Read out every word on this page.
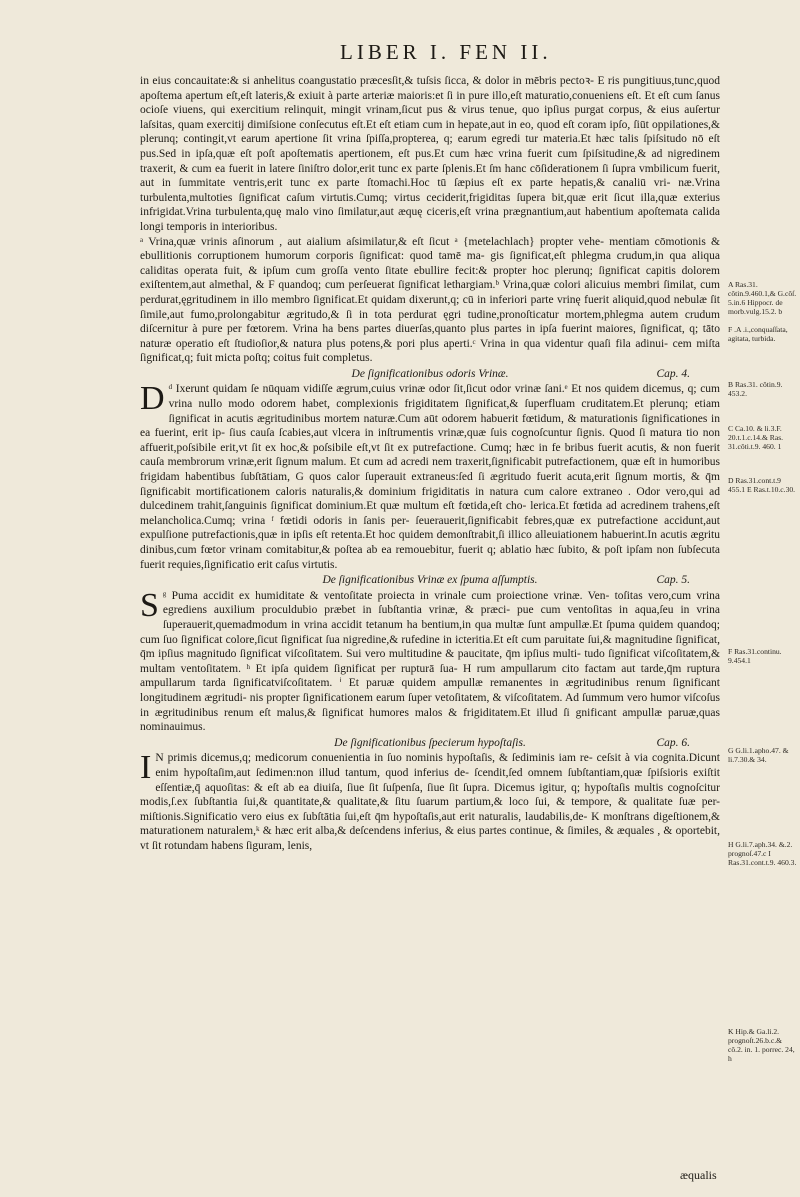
LIBER I. FEN II.

in eius concauitate:& si anhelitus coangustatio præcesſit,& tuſsis ſicca, & dolor in mēbris pectoꝛ- E ris pungitiuus,tunc,quod apoſtema apertum eſt,eſt lateris,& exiuit à parte arteriæ maioris:et ſi in pure illo,eſt maturatio,conueniens eſt. Et eſt cum ſanus ocioſe viuens, qui exercitium relinquit, mingit vrinam,ſicut pus & virus tenue, quo ipſius purgat corpus, & eius auſertur laſsitas, quam exercitij dimiſsione conſecutus eſt.Et eſt etiam cum in hepate,aut in eo, quod eſt coram ipſo, ſiūt oppilationes,& plerunq; contingit,vt earum apertione ſit vrina ſpiſſa,propterea, q; earum egredi tur materia.Et hæc talis ſpiſsitudo nō eſt pus.Sed in ipſa,quæ eſt poſt apoſtematis apertionem, eſt pus.Et cum hæc vrina fuerit cum ſpiſsitudine,& ad nigredinem traxerit, & cum ea fuerit in latere ſiniſtro dolor,erit tunc ex parte ſplenis.Et ſm hanc cōſiderationem ſi ſupra vmbilicum fuerit, aut in ſummitate ventris,erit tunc ex parte ſtomachi.Hoc tū ſæpius eſt ex parte hepatis,& canaliū vri- næ.Vrina turbulenta,multoties ſignificat caſum virtutis.Cumq; virtus ceciderit,frigiditas ſupera bit,quæ erit ſicut illa,quæ exterius infrigidat.Vrina turbulenta,quę malo vino ſimilatur,aut æquę ciceris,eſt vrina prægnantium,aut habentium apoſtemata calida longi temporis in interioribus.

ᵃ Vrina,quæ vrinis aſinorum , aut aialium aſsimilatur,& eſt ſicut ᵃ {metelachlach} propter vehe- mentiam cōmotionis & ebullitionis corruptionem humorum corporis ſignificat: quod tamē ma- gis ſignificat,eſt phlegma crudum,in qua aliqua caliditas operata fuit, & ipſum cum groſſa vento ſitate ebullire fecit:& propter hoc plerunq; ſignificat capitis dolorem exiſtentem,aut almethal, & F quandoq; cum perſeuerat ſignificat lethargiam.ᵇ Vrina,quæ colori alicuius membri ſimilat, cum perdurat,ęgritudinem in illo membro ſignificat.Et quidam dixerunt,q; cū in inferiori parte vrinę fuerit aliquid,quod nebulæ ſit ſimile,aut fumo,prolongabitur ægritudo,& ſi in tota perdurat ęgri tudine,pronoſticatur mortem,phlegma autem crudum diſcernitur à pure per fœtorem. Vrina ha bens partes diuerſas,quanto plus partes in ipſa fuerint maiores, ſignificat, q; tāto naturæ operatio eſt ſtudioſior,& natura plus potens,& pori plus aperti.ᶜ Vrina in qua videntur quaſi fila adinui- cem miſta ſignificat,q; fuit micta poſtq; coitus fuit completus.

De ſignificationibus odoris Vrinæ.	Cap. 4.

D ᵈ Ixerunt quidam ſe nūquam vidiſſe ægrum,cuius vrinæ odor ſit,ſicut odor vrinæ ſani.ᵉ Et nos quidem dicemus, q; cum vrina nullo modo odorem habet, complexionis frigiditatem ſignificat,& ſuperfluam cruditatem.Et plerunq; etiam ſignificat in acutis ægritudinibus mortem naturæ.Cum aūt odorem habuerit fœtidum, & maturationis ſignificationes in ea fuerint, erit ip- ſius cauſa ſcabies,aut vlcera in inſtrumentis vrinæ,quæ ſuis cognoſcuntur ſignis. Quod ſi matura tio non affuerit,poſsibile erit,vt ſit ex hoc,& poſsibile eſt,vt ſit ex putrefactione. Cumq; hæc in fe bribus fuerit acutis, & non fuerit cauſa membrorum vrinæ,erit ſignum malum. Et cum ad acredi nem traxerit,ſignificabit putrefactionem, quæ eſt in humoribus frigidam habentibus ſubſtātiam, G quos calor ſuperauit extraneus:ſed ſi ægritudo fuerit acuta,erit ſignum mortis, & q̄m ſignificabit mortificationem caloris naturalis,& dominium frigiditatis in natura cum calore extraneo . Odor vero,qui ad dulcedinem trahit,ſanguinis ſignificat dominium.Et quæ multum eſt fœtida,eſt cho- lerica.Et fœtida ad acredinem trahens,eſt melancholica.Cumq; vrina ᶠ fœtidi odoris in ſanis per- ſeuerauerit,ſignificabit febres,quæ ex putrefactione accidunt,aut expulſione putrefactionis,quæ in ipſis eſt retenta.Et hoc quidem demonſtrabit,ſi illico alleuiationem habuerint.In acutis ægritu dinibus,cum fœtor vrinam comitabitur,& poſtea ab ea remouebitur, fuerit q; ablatio hæc ſubito, & poſt ipſam non ſubſecuta fuerit requies,ſignificatio erit caſus virtutis.

De ſignificationibus Vrinæ ex ſpuma aſſumptis.	Cap. 5.

S ᵍ Puma accidit ex humiditate & ventoſitate proiecta in vrinale cum proiectione vrinæ. Ven- toſitas vero,cum vrina egrediens auxilium proculdubio præbet in ſubſtantia vrinæ, & præci- pue cum ventoſitas in aqua,ſeu in vrina ſuperauerit,quemadmodum in vrina accidit tetanum ha bentium,in qua multæ ſunt ampullæ.Et ſpuma quidem quandoq; cum ſuo ſignificat colore,ſicut ſignificat ſua nigredine,& rufedine in icteritia.Et eſt cum paruitate ſui,& magnitudine ſignificat, q̄m ipſius magnitudo ſignificat viſcoſitatem. Sui vero multitudine & paucitate, q̄m ipſius multi- tudo ſignificat viſcoſitatem,& multam ventoſitatem. ʰ Et ipſa quidem ſignificat per rupturā ſua- H rum ampullarum cito factam aut tarde,q̄m ruptura ampullarum tarda ſignificatviſcoſitatem. ⁱ Et paruæ quidem ampullæ remanentes in ægritudinibus renum ſignificant longitudinem ægritudi- nis propter ſignificationem earum ſuper vetoſitatem, & viſcoſitatem. Ad ſummum vero humor viſcoſus in ægritudinibus renum eſt malus,& ſignificat humores malos & frigiditatem.Et illud ſi gnificant ampullæ paruæ,quas nominauimus.

De ſignificationibus ſpecierum hypoſtaſis.	Cap. 6.

I N primis dicemus,q; medicorum conuenientia in ſuo nominis hypoſtaſis, & ſediminis iam re- ceſsit à via cognita.Dicunt enim hypoſtaſim,aut ſedimen:non illud tantum, quod inferius de- ſcendit,ſed omnem ſubſtantiam,quæ ſpiſsioris exiſtit eſſentiæ,q̄ aquoſitas: & eſt ab ea diuiſa, ſiue ſit ſuſpenſa, ſiue ſit ſupra. Dicemus igitur, q; hypoſtaſis multis cognoſcitur modis,ſ.ex ſubſtantia ſui,& quantitate,& qualitate,& ſitu ſuarum partium,& loco ſui, & tempore, & qualitate ſuæ per- miſtionis.Significatio vero eius ex ſubſtātia ſui,eſt q̄m hypoſtaſis,aut erit naturalis, laudabilis,de- K monſtrans digeſtionem,& maturationem naturalem,ᵏ & hæc erit alba,& deſcendens inferius, & eius partes continue, & ſimiles, & æquales , & oportebit, vt ſit rotundam habens ſiguram, lenis,

A Ras.31. côtin.9.460.1,& G.côſ. 5.in.6 Hippocr. de morb.vulg.15.2. b

F .A .i.,conquaſſata, agitata, turbida.

B Ras.31. côtin.9. 453.2.

C Ca.10. & li.3.F. 20.t.1.c.14.& Ras. 31.côti.t.9. 460. 1

D Ras.31.cont.t.9 455.1 E Ras.t.10.c.30.

F Ras.31.continu. 9.454.1

G G.li.1.apho.47. & li.7.30.& 34.

H G.li.7.aph.34. &.2. prognoſ.47.c I Ras.31.cont.t.9. 460.3.

K Hip.& Ga.li.2. prognoſt.26.b.c.& cô.2. in. 1. porrec. 24, h

æqualis
